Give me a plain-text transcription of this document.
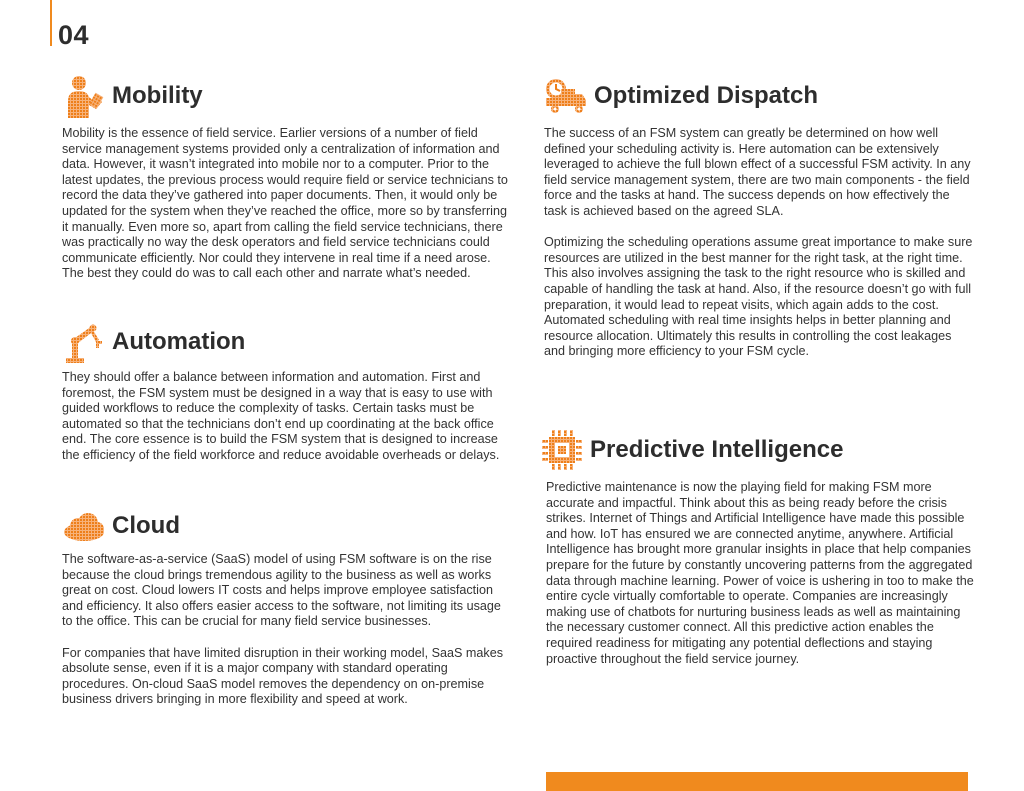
04
Mobility

Mobility is the essence of field service. Earlier versions of a number of field service management systems provided only a centralization of information and data. However, it wasn’t integrated into mobile nor to a computer. Prior to the latest updates, the previous process would require field or service technicians to record the data they’ve gathered into paper documents. Then, it would only be updated for the system when they’ve reached the office, more so by transferring it manually. Even more so, apart from calling the field service technicians, there was practically no way the desk operators and field service technicians could communicate efficiently. Nor could they intervene in real time if a need arose. The best they could do was to call each other and narrate what’s needed.

Automation

They should offer a balance between information and automation. First and foremost, the FSM system must be designed in a way that is easy to use with guided workflows to reduce the complexity of tasks. Certain tasks must be automated so that the technicians don’t end up coordinating at the back office end. The core essence is to build the FSM system that is designed to increase the efficiency of the field workforce and reduce avoidable overheads or delays.

Cloud

The software-as-a-service (SaaS) model of using FSM software is on the rise because the cloud brings tremendous agility to the business as well as works great on cost. Cloud lowers IT costs and helps improve employee satisfaction and efficiency. It also offers easier access to the software, not limiting its usage to the office. This can be crucial for many field service businesses.

For companies that have limited disruption in their working model, SaaS makes absolute sense, even if it is a major company with standard operating procedures. On-cloud SaaS model removes the dependency on on-premise business drivers bringing in more flexibility and speed at work.

Optimized Dispatch

The success of an FSM system can greatly be determined on how well defined your scheduling activity is. Here automation can be extensively leveraged to achieve the full blown effect of a successful FSM activity. In any field service management system, there are two main components - the field force and the tasks at hand. The success depends on how effectively the task is achieved based on the agreed SLA.

Optimizing the scheduling operations assume great importance to make sure resources are utilized in the best manner for the right task, at the right time. This also involves assigning the task to the right resource who is skilled and capable of handling the task at hand. Also, if the resource doesn’t go with full preparation, it would lead to repeat visits, which again adds to the cost. Automated scheduling with real time insights helps in better planning and resource allocation. Ultimately this results in controlling the cost leakages and bringing more efficiency to your FSM cycle.

Predictive Intelligence

Predictive maintenance is now the playing field for making FSM more accurate and impactful. Think about this as being ready before the crisis strikes. Internet of Things and Artificial Intelligence have made this possible and how. IoT has ensured we are connected anytime, anywhere. Artificial Intelligence has brought more granular insights in place that help companies prepare for the future by constantly uncovering patterns from the aggregated data through machine learning. Power of voice is ushering in too to make the entire cycle virtually comfortable to operate. Companies are increasingly making use of chatbots for nurturing business leads as well as maintaining the necessary customer connect. All this predictive action enables the required readiness for mitigating any potential deflections and staying proactive throughout the field service journey.
